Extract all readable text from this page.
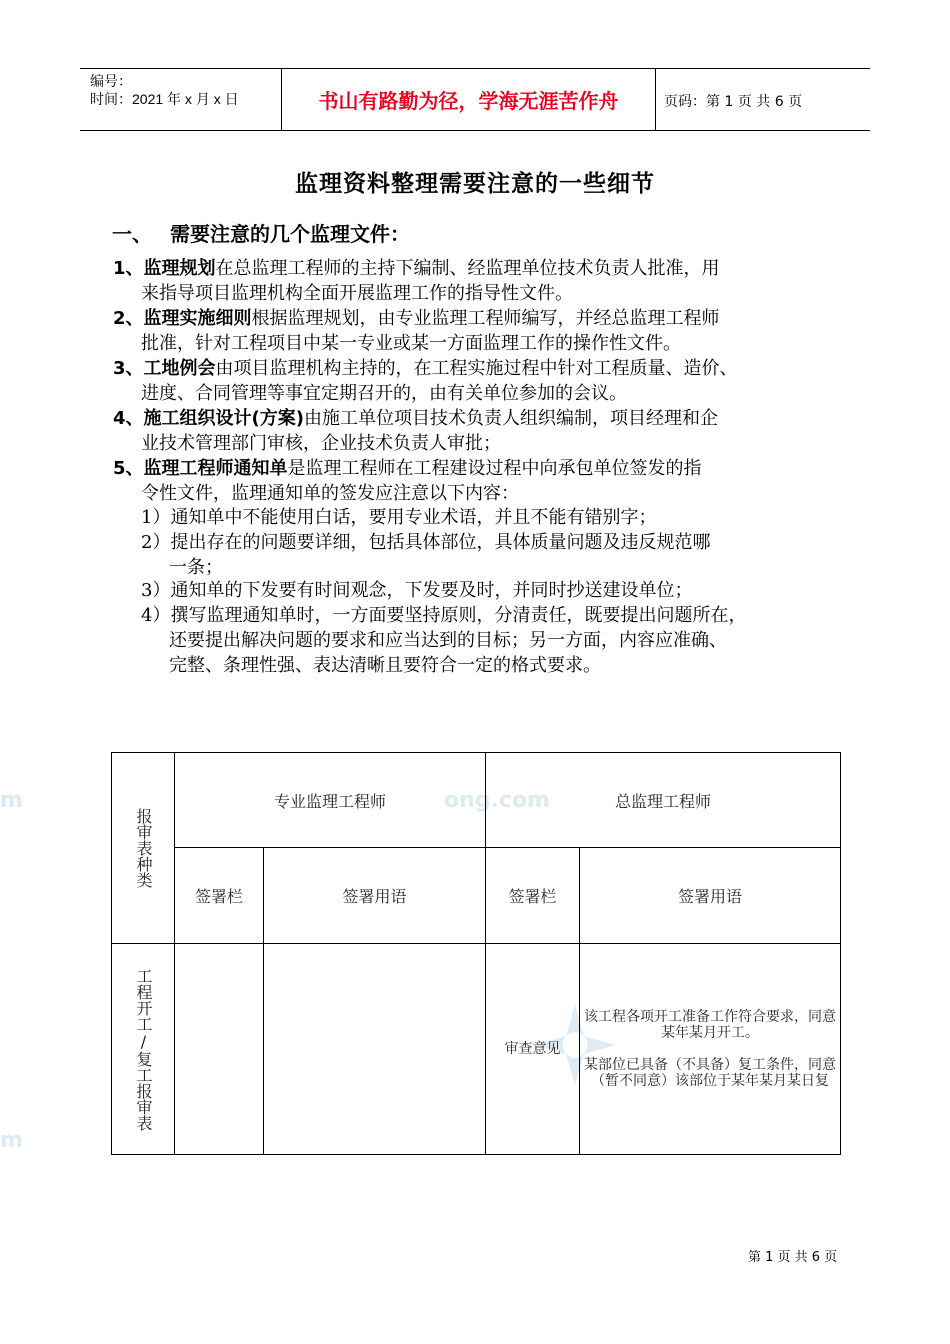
编号：
时间：2021 年 x 月 x 日	书山有路勤为径，学海无涯苦作舟	页码：第 1 页 共 6 页
监理资料整理需要注意的一些细节
一、 需要注意的几个监理文件：
1、监理规划在总监理工程师的主持下编制、经监理单位技术负责人批准，用
来指导项目监理机构全面开展监理工作的指导性文件。
2、监理实施细则根据监理规划，由专业监理工程师编写，并经总监理工程师
批准，针对工程项目中某一专业或某一方面监理工作的操作性文件。
3、工地例会由项目监理机构主持的，在工程实施过程中针对工程质量、造价、
进度、合同管理等事宜定期召开的，由有关单位参加的会议。
4、施工组织设计(方案)由施工单位项目技术负责人组织编制，项目经理和企
业技术管理部门审核，企业技术负责人审批；
5、监理工程师通知单是监理工程师在工程建设过程中向承包单位签发的指
令性文件，监理通知单的签发应注意以下内容：
1）通知单中不能使用白话，要用专业术语，并且不能有错别字；
2）提出存在的问题要详细，包括具体部位，具体质量问题及违反规范哪
一条；
3）通知单的下发要有时间观念，下发要及时，并同时抄送建设单位；
4）撰写监理通知单时，一方面要坚持原则，分清责任，既要提出问题所在，
还要提出解决问题的要求和应当达到的目标；另一方面，内容应准确、
完整、条理性强、表达清晰且要符合一定的格式要求。
m	ong.com
m
报审表种类	专业监理工程师		总监理工程师	
	签署栏	签署用语	签署栏	签署用语

工程开工/复工报审表			审查意见	该工程各项开工准备工作符合要求，同意某年某月开工。
某部位已具备（不具备）复工条件，同意（暂不同意）该部位于某年某月某日复
第 1 页 共 6 页
